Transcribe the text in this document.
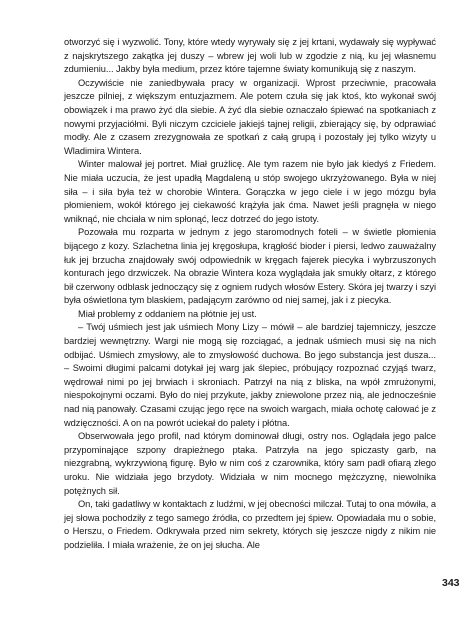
otworzyć się i wyzwolić. Tony, które wtedy wyrywały się z jej krtani, wydawały się wypływać z najskrytszego zakątka jej duszy – wbrew jej woli lub w zgodzie z nią, ku jej własnemu zdumieniu... Jakby była medium, przez które tajemne światy komunikują się z naszym.

Oczywiście nie zaniedbywała pracy w organizacji. Wprost przeciwnie, pracowała jeszcze pilniej, z większym entuzjazmem. Ale potem czuła się jak ktoś, kto wykonał swój obowiązek i ma prawo żyć dla siebie. A żyć dla siebie oznaczało śpiewać na spotkaniach z nowymi przyjaciółmi. Byli niczym czciciele jakiejś tajnej religii, zbierający się, by odprawiać modły. Ale z czasem zrezygnowała ze spotkań z całą grupą i pozostały jej tylko wizyty u Wladimira Wintera.

Winter malował jej portret. Miał grużlicę. Ale tym razem nie było jak kiedyś z Friedem. Nie miała uczucia, że jest upadłą Magdaleną u stóp swojego ukrzyżowanego. Była w niej siła – i siła była też w chorobie Wintera. Gorączka w jego ciele i w jego mózgu była płomieniem, wokół którego jej ciekawość krążyła jak ćma. Nawet jeśli pragnęła w niego wniknąć, nie chciała w nim spłonąć, lecz dotrzeć do jego istoty.

Pozowała mu rozparta w jednym z jego staromodnych foteli – w świetle płomienia bijącego z kozy. Szlachetna linia jej kręgosłupa, krągłość bioder i piersi, ledwo zauważalny łuk jej brzucha znajdowały swój odpowiednik w kręgach fajerek piecyka i wybrzuszonych konturach jego drzwiczek. Na obrazie Wintera koza wyglądała jak smukły ołtarz, z którego bił czerwony odblask jednoczący się z ogniem rudych włosów Estery. Skóra jej twarzy i szyi była oświetlona tym blaskiem, padającym zarówno od niej samej, jak i z piecyka.

Miał problemy z oddaniem na płótnie jej ust.

– Twój uśmiech jest jak uśmiech Mony Lizy – mówił – ale bardziej tajemniczy, jeszcze bardziej wewnętrzny. Wargi nie mogą się rozciągać, a jednak uśmiech musi się na nich odbijać. Uśmiech zmysłowy, ale to zmysłowość duchowa. Bo jego substancja jest dusza... – Swoimi długimi palcami dotykał jej warg jak ślepiec, próbujący rozpoznać czyjąś twarz, wędrował nimi po jej brwiach i skroniach. Patrzył na nią z bliska, na wpół zmrużonymi, niespokojnymi oczami. Było do niej przykute, jakby zniewolone przez nią, ale jednocześnie nad nią panowały. Czasami czując jego ręce na swoich wargach, miała ochotę całować je z wdzięczności. A on na powrót uciekał do palety i płótna.

Obserwowała jego profil, nad którym dominował długi, ostry nos. Oglądała jego palce przypominające szpony drapieżnego ptaka. Patrzyła na jego spiczasty garb, na niezgrabną, wykrzywioną figurę. Było w nim coś z czarownika, który sam padł ofiarą złego uroku. Nie widziała jego brzydoty. Widziała w nim mocnego mężczyznę, niewolnika potężnych sił.

On, taki gadatliwy w kontaktach z ludźmi, w jej obecności milczał. Tutaj to ona mówiła, a jej słowa pochodziły z tego samego źródła, co przedtem jej śpiew. Opowiadała mu o sobie, o Herszu, o Friedem. Odkrywała przed nim sekrety, których się jeszcze nigdy z nikim nie podzieliła. I miała wrażenie, że on jej słucha. Ale

343
